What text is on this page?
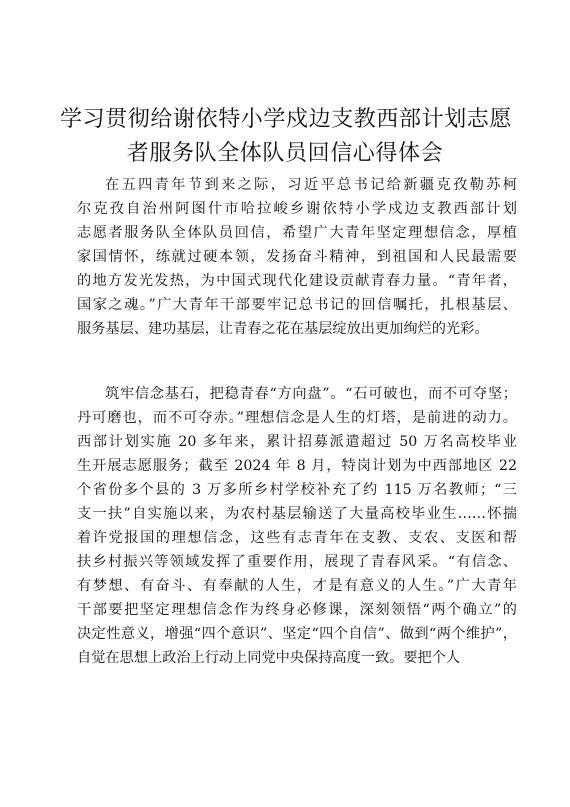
学习贯彻给谢依特小学戍边支教西部计划志愿
者服务队全体队员回信心得体会

在五四青年节到来之际，习近平总书记给新疆克孜勒苏柯
尔克孜自治州阿图什市哈拉峻乡谢依特小学戍边支教西部计划
志愿者服务队全体队员回信，希望广大青年坚定理想信念，厚植
家国情怀，练就过硬本领，发扬奋斗精神，到祖国和人民最需要
的地方发光发热，为中国式现代化建设贡献青春力量。“青年者，
国家之魂。”广大青年干部要牢记总书记的回信嘱托，扎根基层、
服务基层、建功基层，让青春之花在基层绽放出更加绚烂的光彩。

筑牢信念基石，把稳青春“方向盘”。“石可破也，而不可夺坚；
丹可磨也，而不可夺赤。”理想信念是人生的灯塔，是前进的动力。
西部计划实施 20 多年来，累计招募派遣超过 50 万名高校毕业
生开展志愿服务；截至 2024 年 8 月，特岗计划为中西部地区 22
个省份多个县的 3 万多所乡村学校补充了约 115 万名教师；“三
支一扶”自实施以来，为农村基层输送了大量高校毕业生……怀揣
着许党报国的理想信念，这些有志青年在支教、支农、支医和帮
扶乡村振兴等领域发挥了重要作用，展现了青春风采。“有信念、
有梦想、有奋斗、有奉献的人生，才是有意义的人生。”广大青年
干部要把坚定理想信念作为终身必修课，深刻领悟“两个确立”的
决定性意义，增强“四个意识”、坚定“四个自信”、做到“两个维护”，
自觉在思想上政治上行动上同党中央保持高度一致。要把个人
